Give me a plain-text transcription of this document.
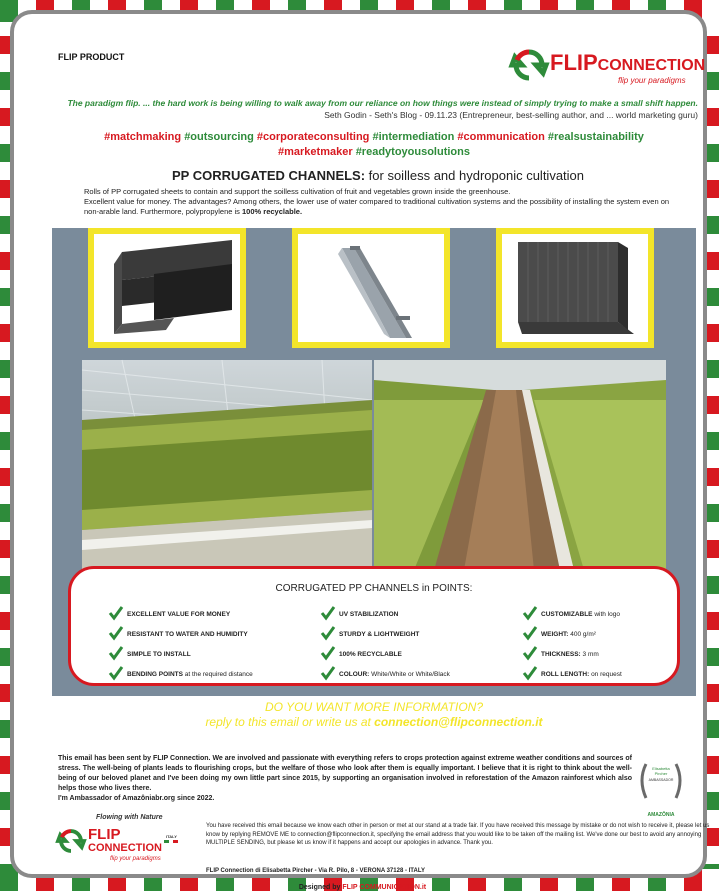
FLIP PRODUCT	FLIPCONNECTION
flip your paradigms
The paradigm flip. ... the hard work is being willing to walk away from our reliance on how things were instead of simply trying to make a small shift happen.
Seth Godin - Seth's Blog - 09.11.23 (Entrepreneur, best-selling author, and ... world marketing guru)
#matchmaking #outsourcing #corporateconsulting #intermediation #communication #realsustainability
#marketmaker #readytoyousolutions
PP CORRUGATED CHANNELS: for soilless and hydroponic cultivation
Rolls of PP corrugated sheets to contain and support the soilless cultivation of fruit and vegetables grown inside the greenhouse.
Excellent value for money. The advantages? Among others, the lower use of water compared to traditional cultivation systems and the possibility of installing the system even on non-arable land. Furthermore, polypropylene is 100% recyclable.
CORRUGATED PP CHANNELS in POINTS:
EXCELLENT VALUE FOR MONEY
RESISTANT TO WATER AND HUMIDITY
SIMPLE TO INSTALL
BENDING POINTS at the required distance
UV STABILIZATION
STURDY & LIGHTWEIGHT
100% RECYCLABLE
COLOUR: White/White or White/Black
CUSTOMIZABLE with logo
WEIGHT: 400 g/m²
THICKNESS: 3 mm
ROLL LENGTH: on request
DO YOU WANT MORE INFORMATION?
reply to this email or write us at connection@flipconnection.it
This email has been sent by FLIP Connection. We are involved and passionate with everything refers to crops protection against extreme weather conditions and sources of stress. The well-being of plants leads to flourishing crops, but the welfare of those who look after them is equally important. I believe that it is right to think about the well-being of our beloved planet and I've been doing my own little part since 2015, by supporting an organisation involved in reforestation of the Amazon rainforest which also helps those who lives there.
I'm Ambassador of Amazôniabr.org since 2022.
Elisabetta
Pircher
AMBASSADOR
AMAZÔNIA
Flowing with Nature
FLIP
CONNECTION
flip your paradigms
ITALY
You have received this email because we know each other in person or met at our stand at a trade fair. If you have received this message by mistake or do not wish to receive it, please let us know by replying REMOVE ME to connection@flipconnection.it, specifying the email address that you would like to be taken off the mailing list. We've done our best to avoid any annoying MULTIPLE SENDING, but please let us know if it happens and accept our apologies in advance. Thank you.
FLIP Connection di Elisabetta Pircher - Via R. Pilo, 8 - VERONA 37128 - ITALY
Designed by FLIP COMMUNICATION.it
